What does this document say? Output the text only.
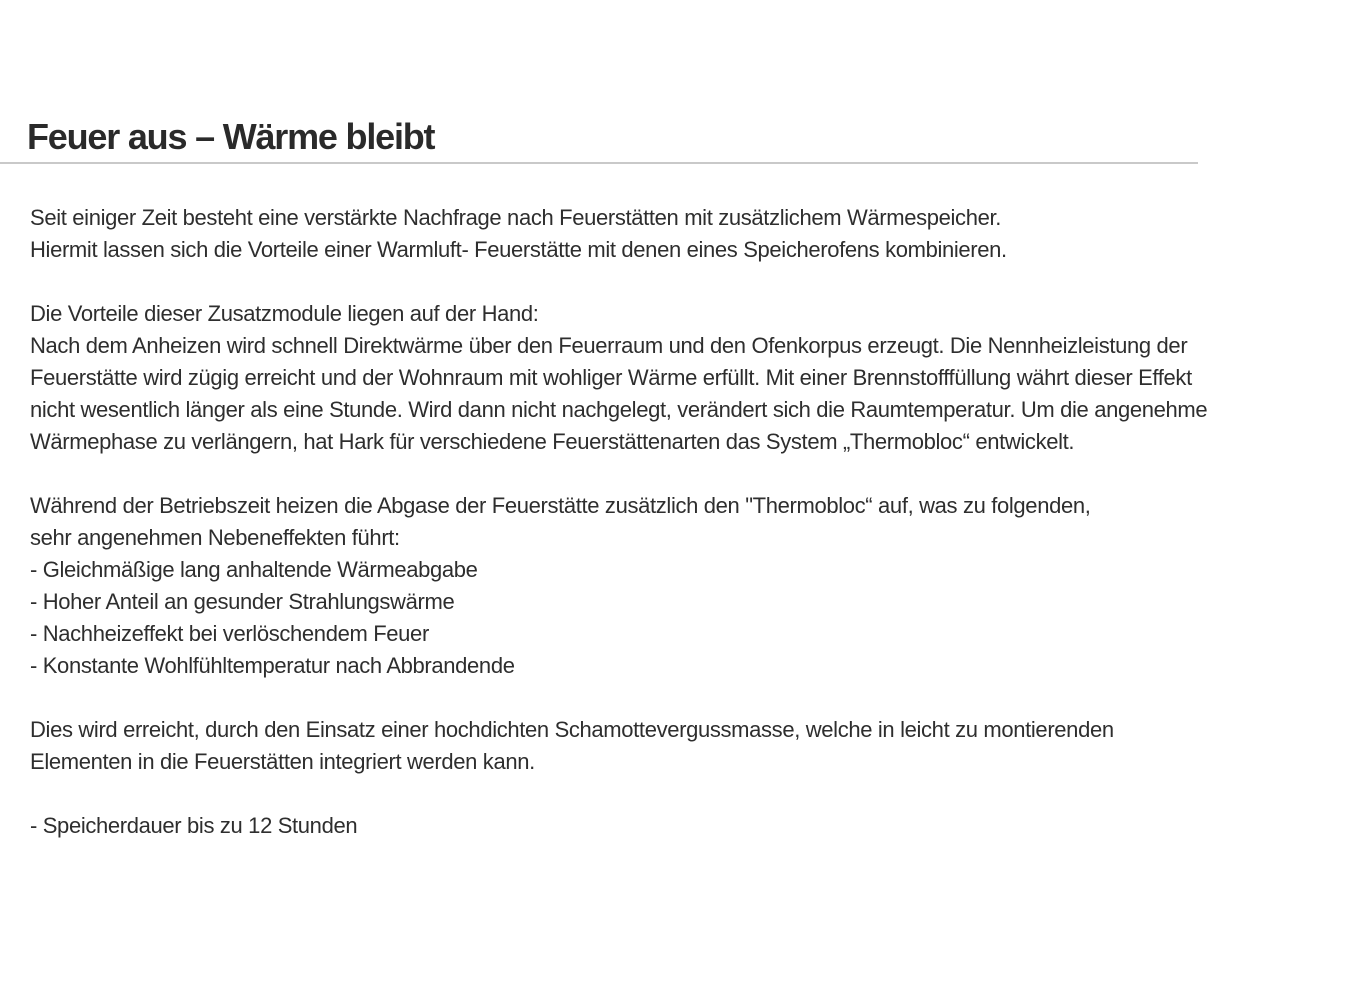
Feuer aus – Wärme bleibt
Seit einiger Zeit besteht eine verstärkte Nachfrage nach Feuerstätten mit zusätzlichem Wärmespeicher.
Hiermit lassen sich die Vorteile einer Warmluft- Feuerstätte mit denen eines Speicherofens kombinieren.
Die Vorteile dieser Zusatzmodule liegen auf der Hand:
Nach dem Anheizen wird schnell Direktwärme über den Feuerraum und den Ofenkorpus erzeugt. Die Nennheizleistung der
Feuerstätte wird zügig erreicht und der Wohnraum mit wohliger Wärme erfüllt. Mit einer Brennstofffüllung währt dieser Effekt
nicht wesentlich länger als eine Stunde. Wird dann nicht nachgelegt, verändert sich die Raumtemperatur. Um die angenehme
Wärmephase zu verlängern, hat Hark für verschiedene Feuerstättenarten das System „Thermobloc“ entwickelt.
Während der Betriebszeit heizen die Abgase der Feuerstätte zusätzlich den "Thermobloc“ auf, was zu folgenden,
sehr angenehmen Nebeneffekten führt:
- Gleichmäßige lang anhaltende Wärmeabgabe
- Hoher Anteil an gesunder Strahlungswärme
- Nachheizeffekt bei verlöschendem Feuer
- Konstante Wohlfühltemperatur nach Abbrandende
Dies wird erreicht, durch den Einsatz einer hochdichten Schamottevergussmasse, welche in leicht zu montierenden
Elementen in die Feuerstätten integriert werden kann.
- Speicherdauer bis zu 12 Stunden
